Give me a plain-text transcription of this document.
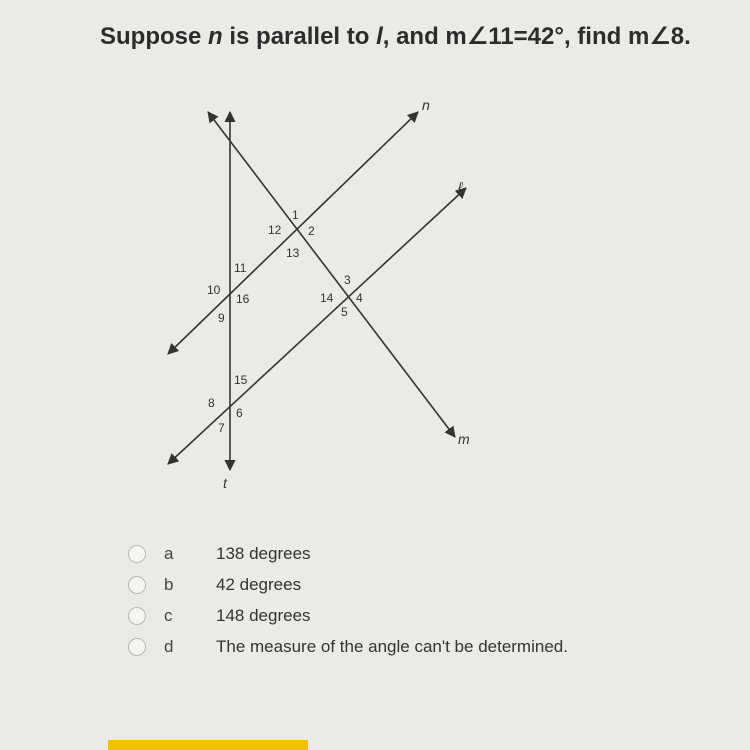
Suppose n is parallel to l, and m∠11=42°, find m∠8.
n
ℓ
m
t
1
2
12
13
11
10
16
9
3
14 4
5
15
8
6
7
a	138 degrees
b	42 degrees
c	148 degrees
d	The measure of the angle can't be determined.
